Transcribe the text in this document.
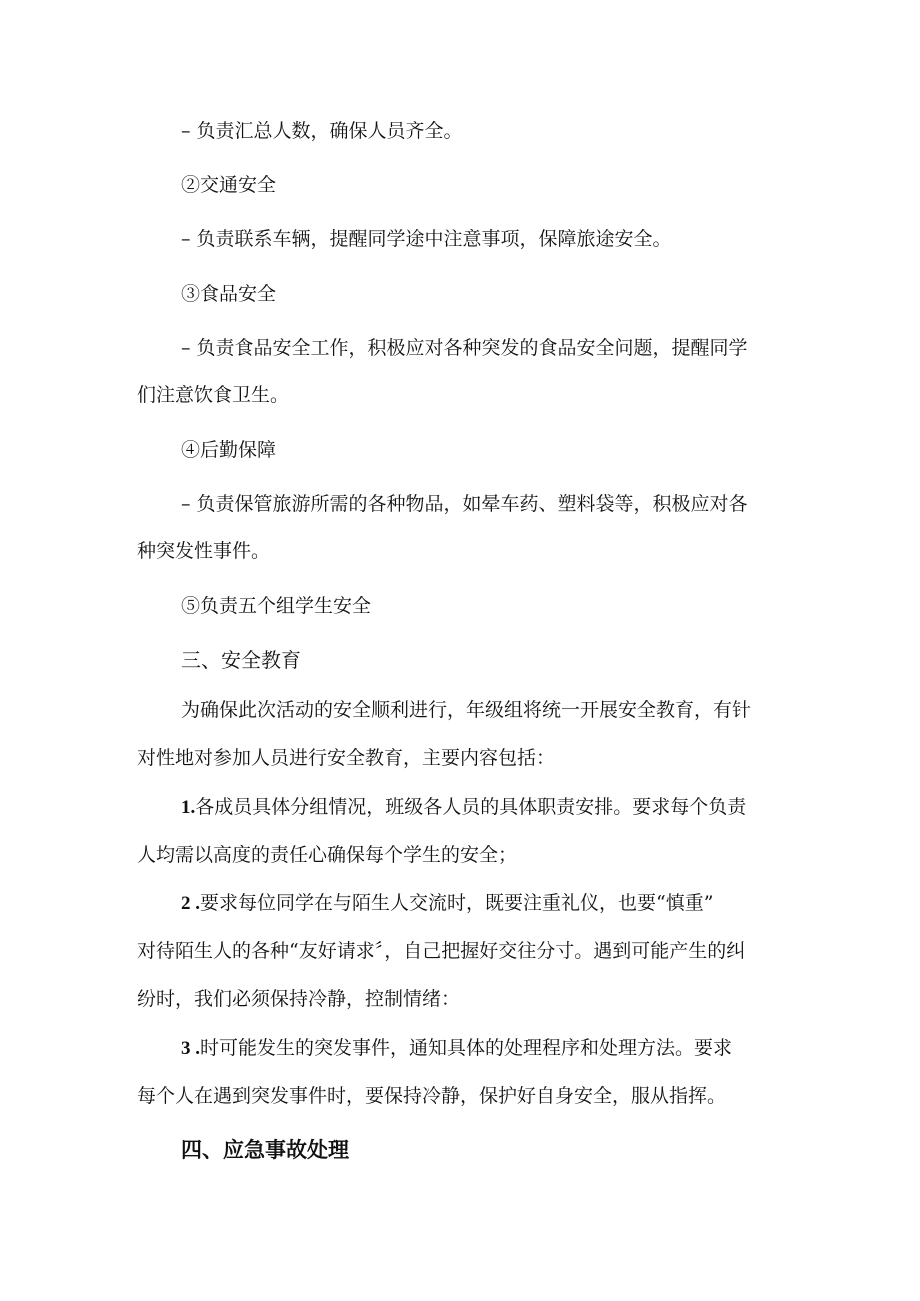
– 负责汇总人数，确保人员齐全。

②交通安全

– 负责联系车辆，提醒同学途中注意事项，保障旅途安全。

③食品安全

– 负责食品安全工作，积极应对各种突发的食品安全问题，提醒同学

们注意饮食卫生。

④后勤保障

– 负责保管旅游所需的各种物品，如晕车药、塑料袋等，积极应对各

种突发性事件。

⑤负责五个组学生安全

三、安全教育

为确保此次活动的安全顺利进行，年级组将统一开展安全教育，有针

对性地对参加人员进行安全教育，主要内容包括：

1.各成员具体分组情况，班级各人员的具体职责安排。要求每个负责

人均需以高度的责任心确保每个学生的安全；

2 .要求每位同学在与陌生人交流时，既要注重礼仪，也要“慎重”

对待陌生人的各种“友好请求〞，自己把握好交往分寸。遇到可能产生的纠

纷时，我们必须保持冷静，控制情绪：

3 .时可能发生的突发事件，通知具体的处理程序和处理方法。要求

每个人在遇到突发事件时，要保持冷静，保护好自身安全，服从指挥。

四、应急事故处理
